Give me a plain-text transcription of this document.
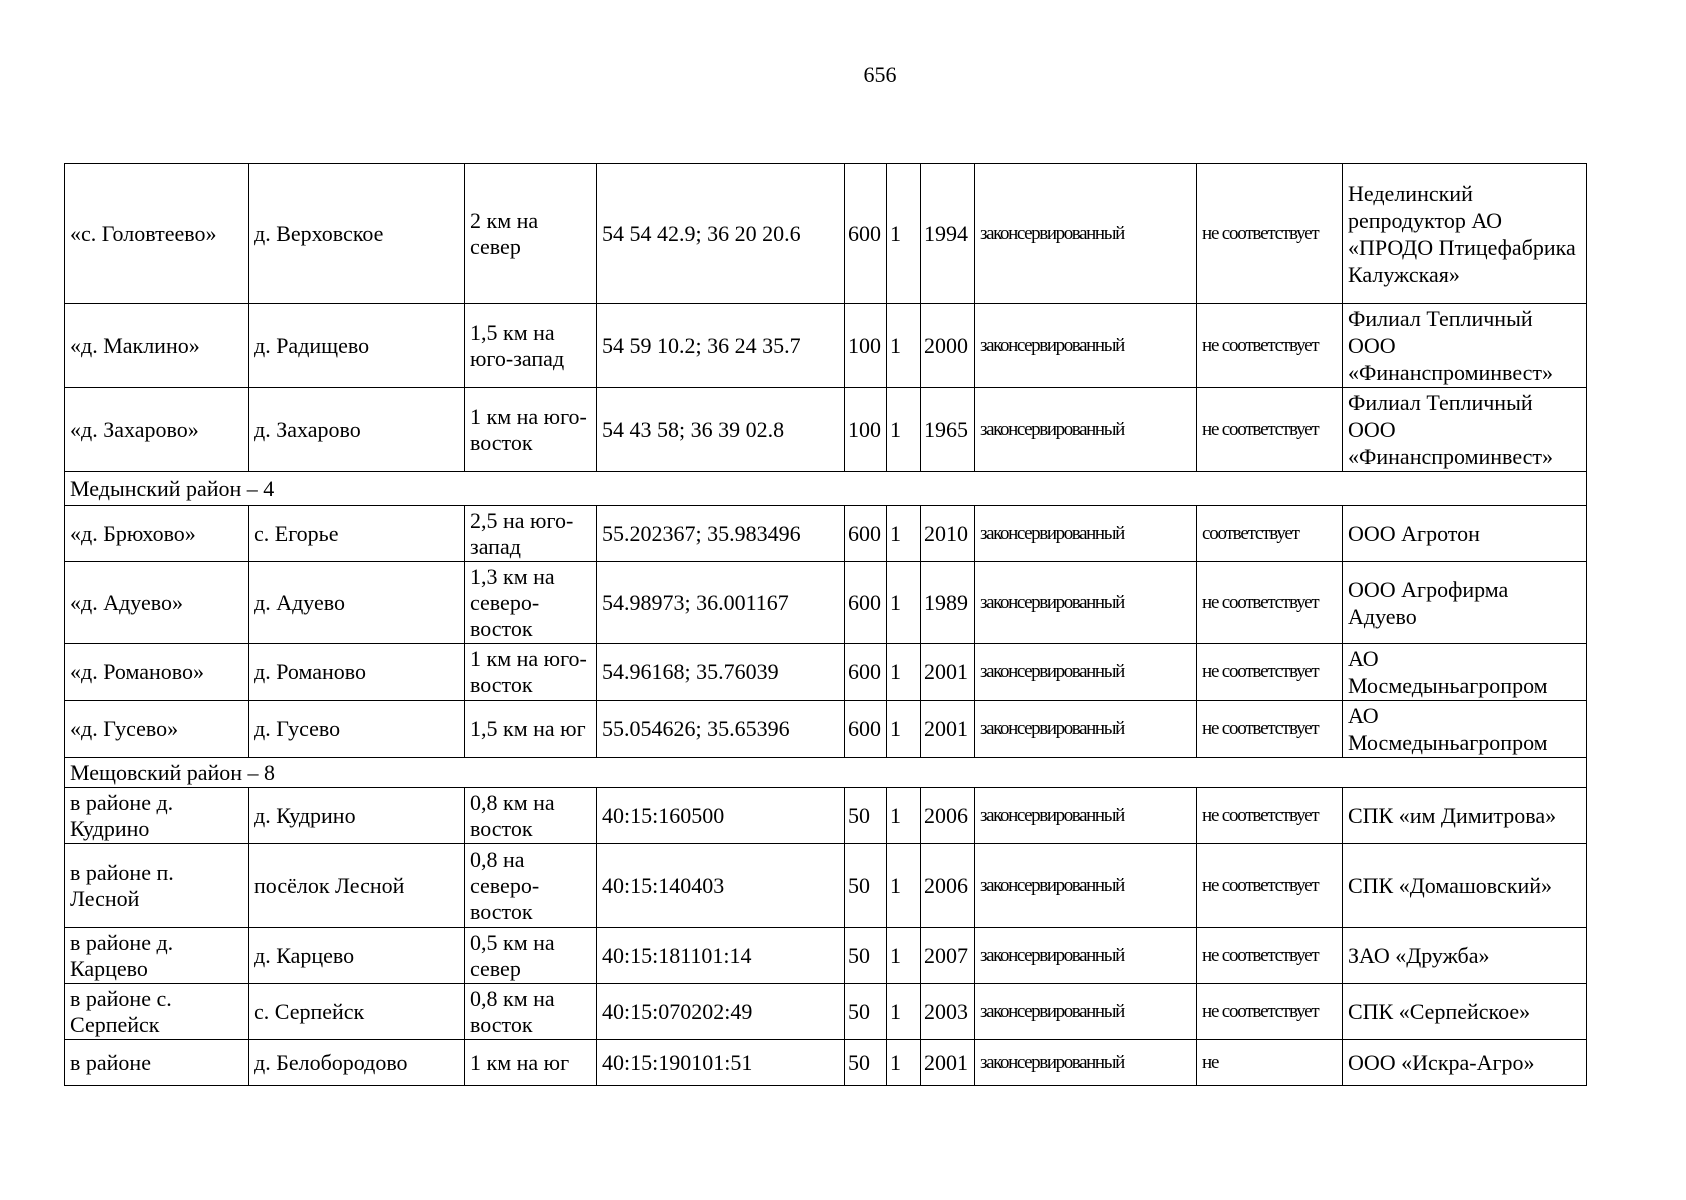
656
«с. Головтеево»	д. Верховское	2 км на север	54 54 42.9; 36 20 20.6	600	1	1994	законсервированный	не соответствует	Неделинский репродуктор АО «ПРОДО Птицефабрика Калужская»
«д. Маклино»	д. Радищево	1,5 км на юго-запад	54 59 10.2; 36 24 35.7	100	1	2000	законсервированный	не соответствует	Филиал Тепличный ООО «Финанспроминвест»
«д. Захарово»	д. Захарово	1 км на юго-восток	54 43 58; 36 39 02.8	100	1	1965	законсервированный	не соответствует	Филиал Тепличный ООО «Финанспроминвест»
Медынский район – 4									
«д. Брюхово»	с. Егорье	2,5 на юго-запад	55.202367; 35.983496	600	1	2010	законсервированный	соответствует	ООО Агротон
«д. Адуево»	д. Адуево	1,3 км на северо-восток	54.98973; 36.001167	600	1	1989	законсервированный	не соответствует	ООО Агрофирма Адуево
«д. Романово»	д. Романово	1 км на юго-восток	54.96168; 35.76039	600	1	2001	законсервированный	не соответствует	АО Мосмедыньагропром
«д. Гусево»	д. Гусево	1,5 км на юг	55.054626; 35.65396	600	1	2001	законсервированный	не соответствует	АО Мосмедыньагропром
Мещовский район – 8									
в районе д. Кудрино	д. Кудрино	0,8 км на восток	40:15:160500	50	1	2006	законсервированный	не соответствует	СПК «им Димитрова»
в районе п. Лесной	посёлок Лесной	0,8 на северо-восток	40:15:140403	50	1	2006	законсервированный	не соответствует	СПК «Домашовский»
в районе д. Карцево	д. Карцево	0,5 км на север	40:15:181101:14	50	1	2007	законсервированный	не соответствует	ЗАО «Дружба»
в районе с. Серпейск	с. Серпейск	0,8 км на восток	40:15:070202:49	50	1	2003	законсервированный	не соответствует	СПК «Серпейское»
в районе	д. Белобородово	1 км на юг	40:15:190101:51	50	1	2001	законсервированный	не	ООО «Искра-Агро»
